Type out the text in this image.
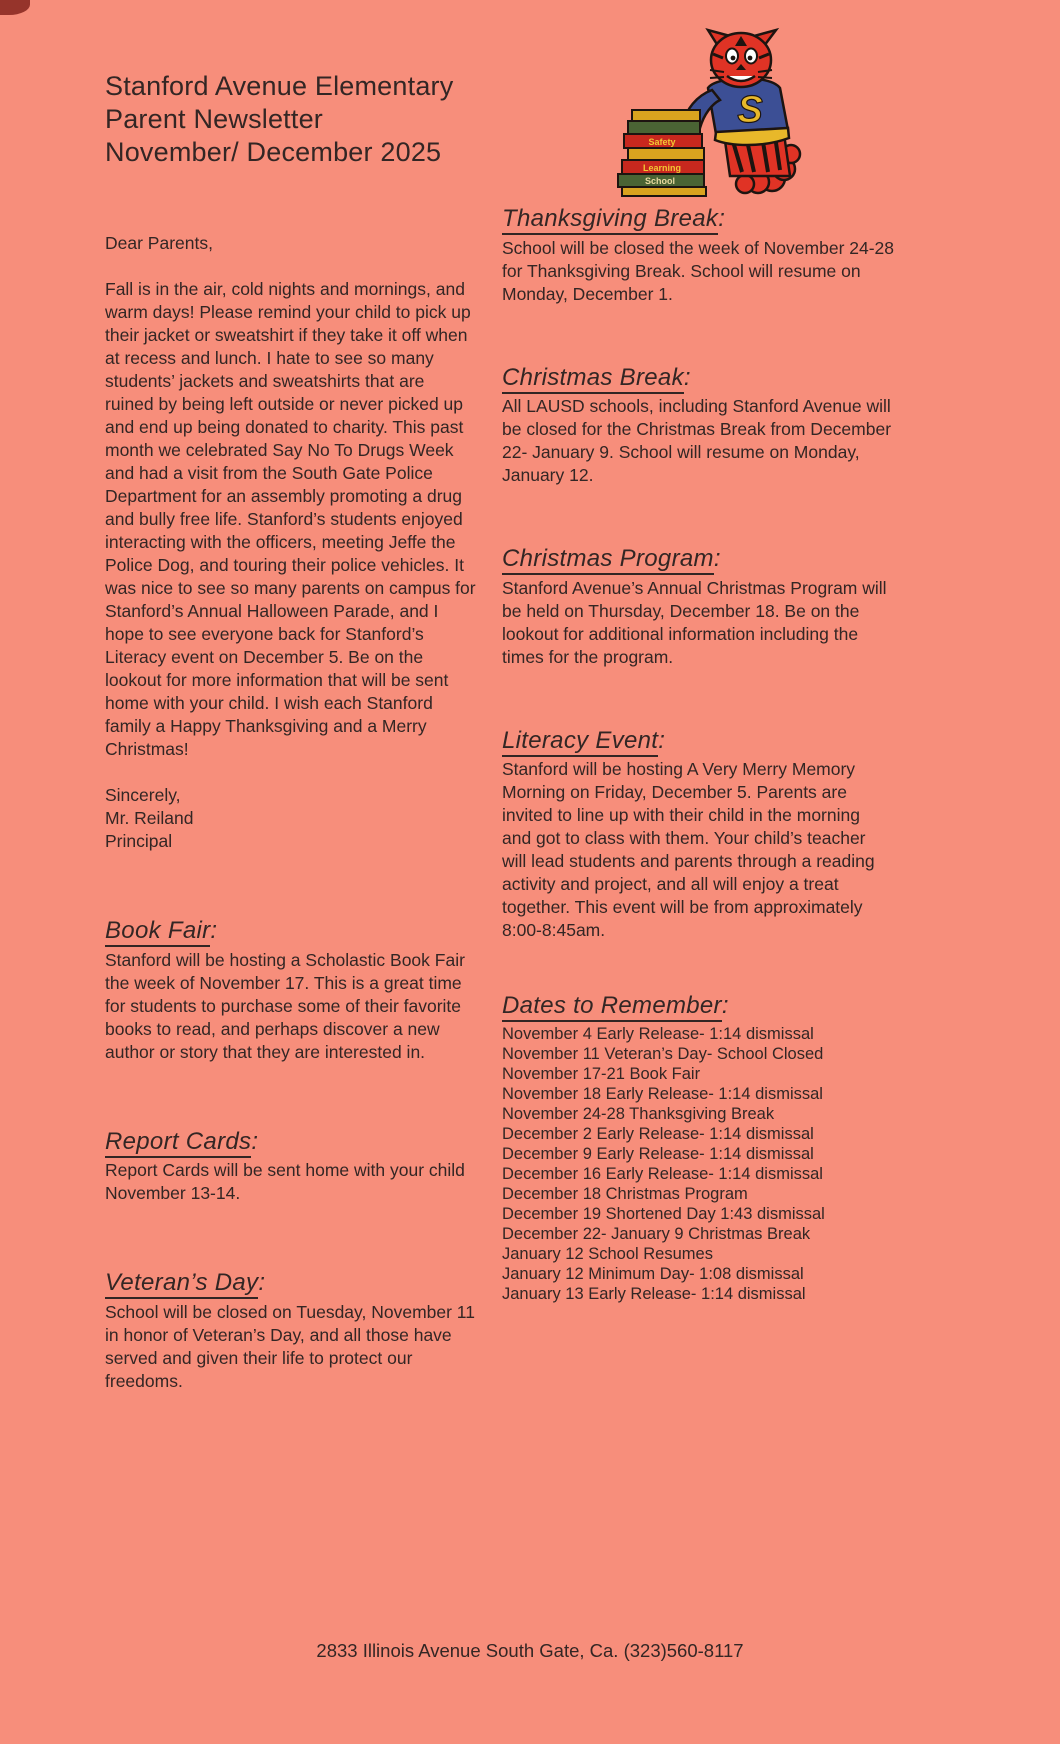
Stanford Avenue Elementary
Parent Newsletter
November/ December 2025
S
Learning
Safety
School

Dear Parents,

Fall is in the air, cold nights and mornings, and warm days! Please remind your child to pick up their jacket or sweatshirt if they take it off when at recess and lunch. I hate to see so many students’ jackets and sweatshirts that are ruined by being left outside or never picked up and end up being donated to charity. This past month we celebrated Say No To Drugs Week and had a visit from the South Gate Police Department for an assembly promoting a drug and bully free life. Stanford’s students enjoyed interacting with the officers, meeting Jeffe the Police Dog, and touring their police vehicles. It was nice to see so many parents on campus for Stanford’s Annual Halloween Parade, and I hope to see everyone back for Stanford’s Literacy event on December 5. Be on the lookout for more information that will be sent home with your child. I wish each Stanford family a Happy Thanksgiving and a Merry Christmas!

Sincerely,
Mr. Reiland
Principal
Book Fair:

Stanford will be hosting a Scholastic Book Fair the week of November 17. This is a great time for students to purchase some of their favorite books to read, and perhaps discover a new author or story that they are interested in.

Report Cards:

Report Cards will be sent home with your child November 13-14.

Veteran’s Day:

School will be closed on Tuesday, November 11 in honor of Veteran’s Day, and all those have served and given their life to protect our freedoms.

Thanksgiving Break:

School will be closed the week of November 24-28 for Thanksgiving Break. School will resume on Monday, December 1.

Christmas Break:

All LAUSD schools, including Stanford Avenue will be closed for the Christmas Break from December 22- January 9. School will resume on Monday, January 12.

Christmas Program:

Stanford Avenue’s Annual Christmas Program will be held on Thursday, December 18. Be on the lookout for additional information including the times for the program.

Literacy Event:

Stanford will be hosting A Very Merry Memory Morning on Friday, December 5. Parents are invited to line up with their child in the morning and got to class with them. Your child’s teacher will lead students and parents through a reading activity and project, and all will enjoy a treat together. This event will be from approximately 8:00-8:45am.

Dates to Remember:
November 4 Early Release- 1:14 dismissal
November 11 Veteran’s Day- School Closed
November 17-21 Book Fair
November 18 Early Release- 1:14 dismissal
November 24-28 Thanksgiving Break
December 2 Early Release- 1:14 dismissal
December 9 Early Release- 1:14 dismissal
December 16 Early Release- 1:14 dismissal
December 18 Christmas Program
December 19 Shortened Day 1:43 dismissal
December 22- January 9 Christmas Break
January 12 School Resumes
January 12 Minimum Day- 1:08 dismissal
January 13 Early Release- 1:14 dismissal
2833 Illinois Avenue South Gate, Ca. (323)560-8117
